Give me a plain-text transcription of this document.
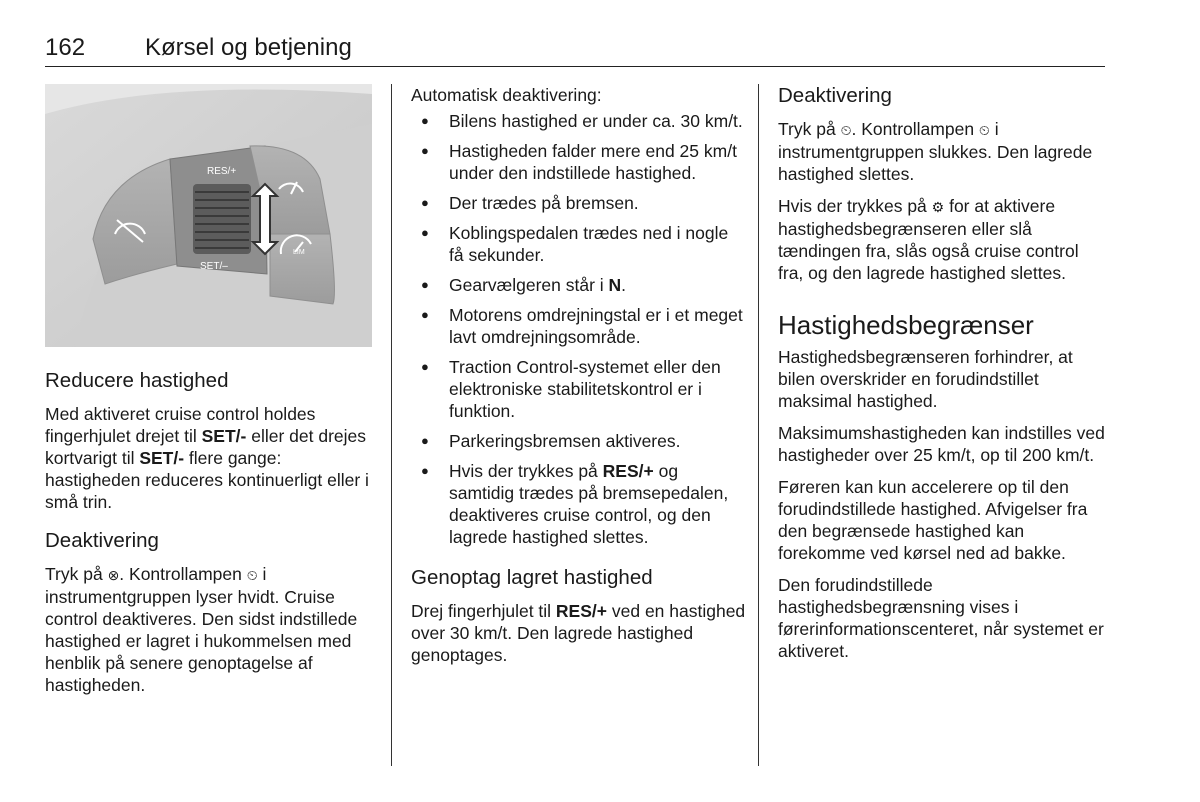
162 Kørsel og betjening
RES/+
SET/–
LIM
Reducere hastighed

Med aktiveret cruise control holdes fingerhjulet drejet til SET/- eller det drejes kortvarigt til SET/- flere gange: hastigheden reduceres kontinuerligt eller i små trin.

Deaktivering

Tryk på ⊗. Kontrollampen ⏲ i instrumentgruppen lyser hvidt. Cruise control deaktiveres. Den sidst indstillede hastighed er lagret i hukommelsen med henblik på senere genoptagelse af hastigheden.

Automatisk deaktivering:

● Bilens hastighed er under ca. 30 km/t.
● Hastigheden falder mere end 25 km/t under den indstillede hastighed.
● Der trædes på bremsen.
● Koblingspedalen trædes ned i nogle få sekunder.
● Gearvælgeren står i N.
● Motorens omdrejningstal er i et meget lavt omdrejningsområde.
● Traction Control-systemet eller den elektroniske stabilitetskontrol er i funktion.
● Parkeringsbremsen aktiveres.
● Hvis der trykkes på RES/+ og samtidig trædes på bremsepedalen, deaktiveres cruise control, og den lagrede hastighed slettes.
Genoptag lagret hastighed

Drej fingerhjulet til RES/+ ved en hastighed over 30 km/t. Den lagrede hastighed genoptages.

Deaktivering

Tryk på ⏲. Kontrollampen ⏲ i instrumentgruppen slukkes. Den lagrede hastighed slettes.

Hvis der trykkes på ⚙ for at aktivere hastighedsbegrænseren eller slå tændingen fra, slås også cruise control fra, og den lagrede hastighed slettes.

Hastighedsbegrænser

Hastighedsbegrænseren forhindrer, at bilen overskrider en forudindstillet maksimal hastighed.

Maksimumshastigheden kan indstilles ved hastigheder over 25 km/t, op til 200 km/t.

Føreren kan kun accelerere op til den forudindstillede hastighed. Afvigelser fra den begrænsede hastighed kan forekomme ved kørsel ned ad bakke.

Den forudindstillede hastighedsbegrænsning vises i førerinformationscenteret, når systemet er aktiveret.
